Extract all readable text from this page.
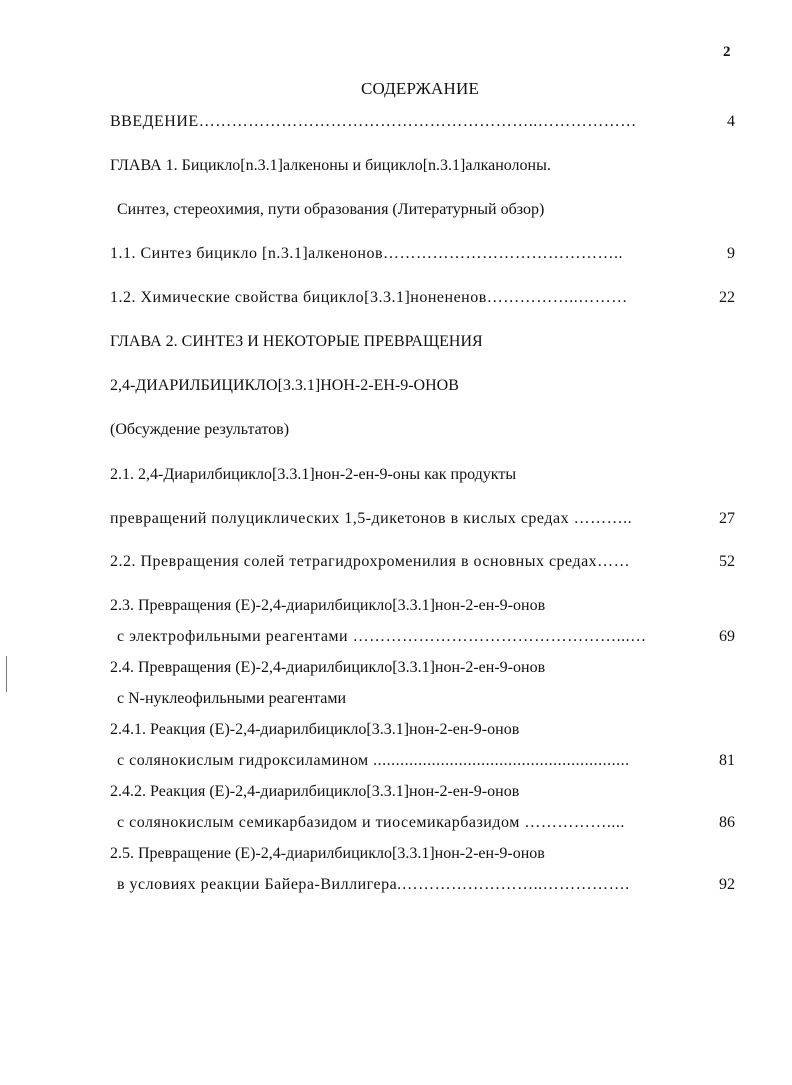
2
СОДЕРЖАНИЕ
ВВЕДЕНИЕ……………………………………………………..………………	4
ГЛАВА 1. Бицикло[n.3.1]алкеноны и бицикло[n.3.1]алканолоны.
Синтез, стереохимия, пути образования (Литературный обзор)
1.1. Синтез бицикло [n.3.1]алкенонов……………………………………..	9
1.2. Химические свойства бицикло[3.3.1]нонененов……………..………	22
ГЛАВА 2. СИНТЕЗ И НЕКОТОРЫЕ ПРЕВРАЩЕНИЯ
2,4-ДИАРИЛБИЦИКЛО[3.3.1]НОН-2-ЕН-9-ОНОВ
(Обсуждение результатов)
2.1. 2,4-Диарилбицикло[3.3.1]нон-2-ен-9-оны как продукты
превращений полуциклических 1,5-дикетонов в кислых средах ………..	27
2.2. Превращения солей тетрагидрохроменилия в основных средах……	52
2.3. Превращения (E)-2,4-диарилбицикло[3.3.1]нон-2-ен-9-онов
с электрофильными реагентами …………………………………………...…	69
2.4. Превращения (E)-2,4-диарилбицикло[3.3.1]нон-2-ен-9-онов
с N-нуклеофильными реагентами
2.4.1. Реакция (E)-2,4-диарилбицикло[3.3.1]нон-2-ен-9-онов
с солянокислым гидроксиламином .........................................................	81
2.4.2. Реакция (E)-2,4-диарилбицикло[3.3.1]нон-2-ен-9-онов
с солянокислым семикарбазидом и тиосемикарбазидом ……………....	86
2.5. Превращение (E)-2,4-диарилбицикло[3.3.1]нон-2-ен-9-онов
в условиях реакции Байера-Виллигера.……………………..…………….	92
